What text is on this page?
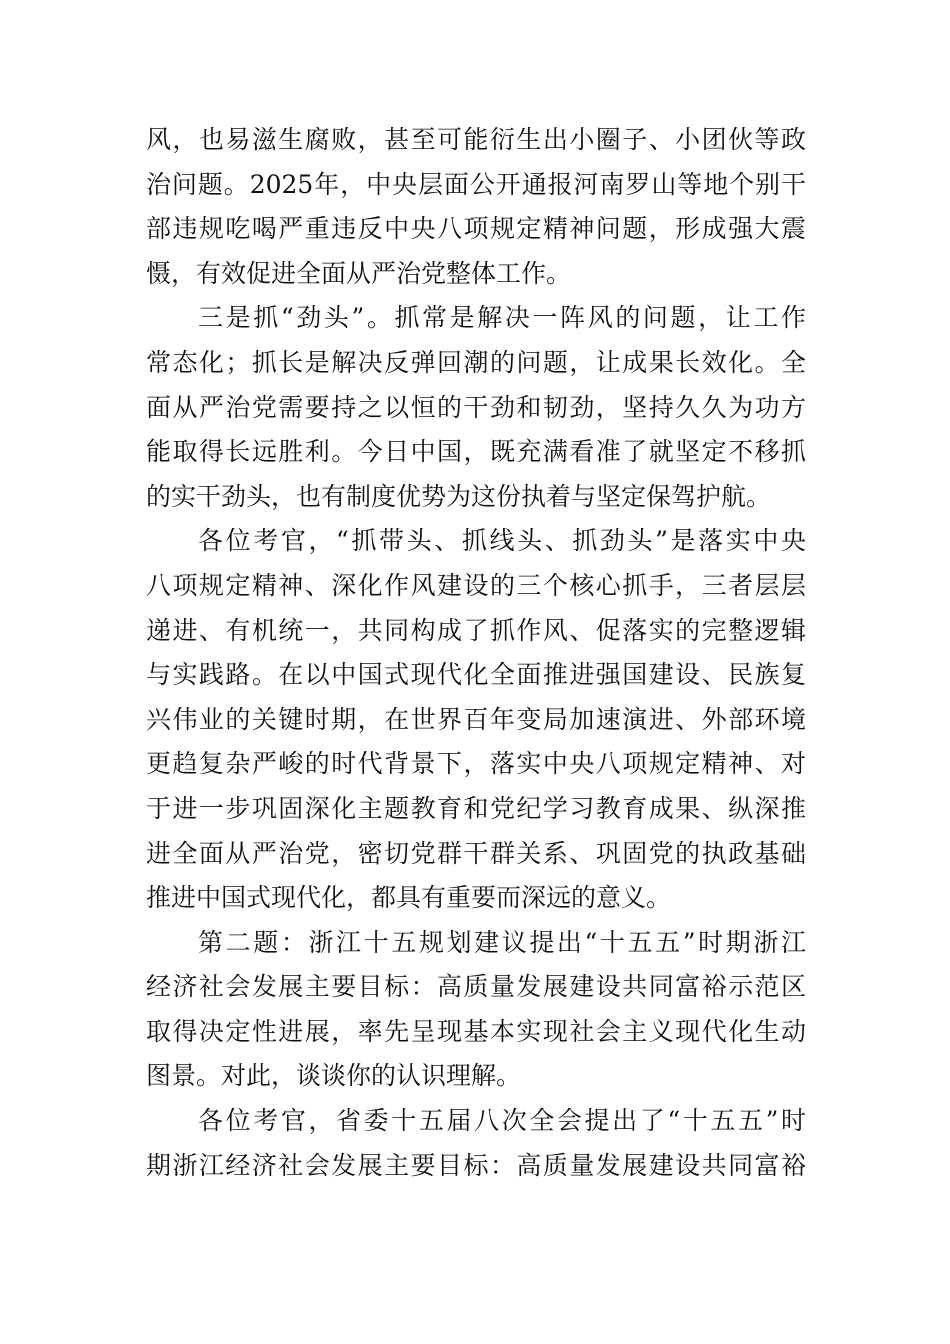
风，也易滋生腐败，甚至可能衍生出小圈子、小团伙等政
治问题。2025年，中央层面公开通报河南罗山等地个别干
部违规吃喝严重违反中央八项规定精神问题，形成强大震
慑，有效促进全面从严治党整体工作。
三是抓“劲头”。抓常是解决一阵风的问题，让工作
常态化；抓长是解决反弹回潮的问题，让成果长效化。全
面从严治党需要持之以恒的干劲和韧劲，坚持久久为功方
能取得长远胜利。今日中国，既充满看准了就坚定不移抓
的实干劲头，也有制度优势为这份执着与坚定保驾护航。
各位考官，“抓带头、抓线头、抓劲头”是落实中央
八项规定精神、深化作风建设的三个核心抓手，三者层层
递进、有机统一，共同构成了抓作风、促落实的完整逻辑
与实践路。在以中国式现代化全面推进强国建设、民族复
兴伟业的关键时期，在世界百年变局加速演进、外部环境
更趋复杂严峻的时代背景下，落实中央八项规定精神、对
于进一步巩固深化主题教育和党纪学习教育成果、纵深推
进全面从严治党，密切党群干群关系、巩固党的执政基础
推进中国式现代化，都具有重要而深远的意义。
第二题：浙江十五规划建议提出“十五五”时期浙江
经济社会发展主要目标：高质量发展建设共同富裕示范区
取得决定性进展，率先呈现基本实现社会主义现代化生动
图景。对此，谈谈你的认识理解。
各位考官，省委十五届八次全会提出了“十五五”时
期浙江经济社会发展主要目标：高质量发展建设共同富裕
